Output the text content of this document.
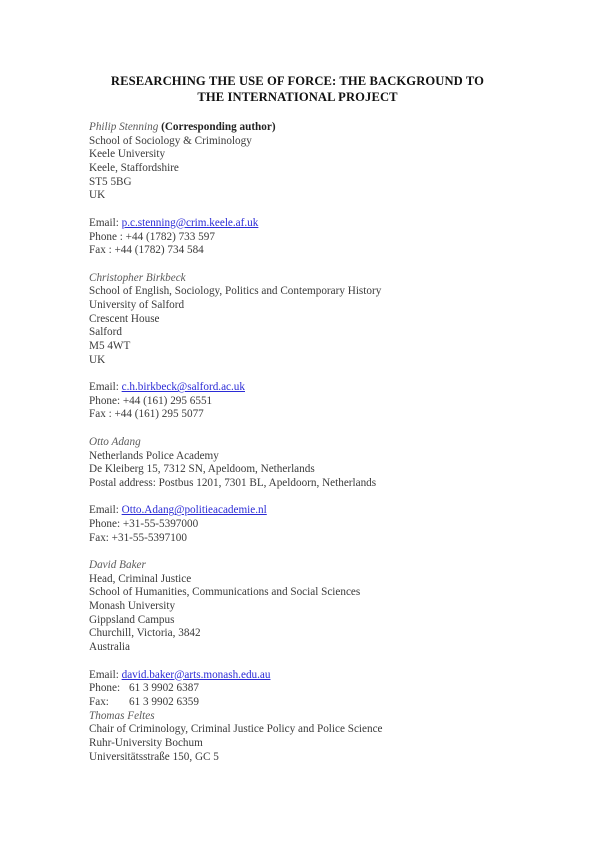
RESEARCHING THE USE OF FORCE: THE BACKGROUND TO
THE INTERNATIONAL PROJECT
Philip Stenning (Corresponding author)
School of Sociology & Criminology
Keele University
Keele, Staffordshire
ST5 5BG
UK
Email: p.c.stenning@crim.keele.af.uk
Phone : +44 (1782) 733 597
Fax : +44 (1782) 734 584
Christopher Birkbeck
School of English, Sociology, Politics and Contemporary History
University of Salford
Crescent House
Salford
M5 4WT
UK
Email: c.h.birkbeck@salford.ac.uk
Phone: +44 (161) 295 6551
Fax : +44 (161) 295 5077
Otto Adang
Netherlands Police Academy
De Kleiberg 15, 7312 SN, Apeldoom, Netherlands
Postal address: Postbus 1201, 7301 BL, Apeldoorn, Netherlands
Email: Otto.Adang@politieacademie.nl
Phone: +31-55-5397000
Fax: +31-55-5397100
David Baker
Head, Criminal Justice
School of Humanities, Communications and Social Sciences
Monash University
Gippsland Campus
Churchill, Victoria, 3842
Australia
Email: david.baker@arts.monash.edu.au
Phone: 61 3 9902 6387
Fax: 61 3 9902 6359
Thomas Feltes
Chair of Criminology, Criminal Justice Policy and Police Science
Ruhr-University Bochum
Universitätsstraße 150, GC 5
